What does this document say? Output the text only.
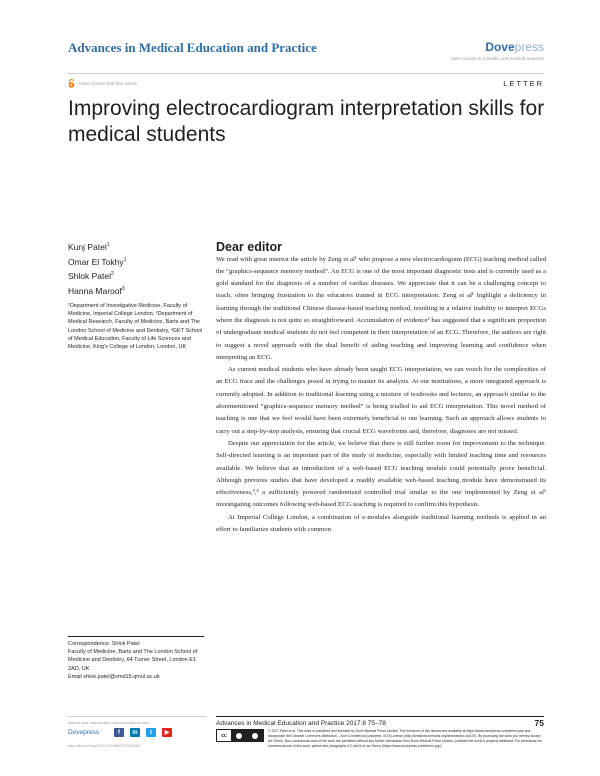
Advances in Medical Education and Practice	Dovepress
open access to scientific and medical research
Open Access Full Text Article	LETTER
Improving electrocardiogram interpretation skills for medical students
Kunj Patel$^1$
Omar El Tokhy$^1$
Shlok Patel$^2$
Hanna Maroof$^3$
¹Department of Investigative Medicine, Faculty of Medicine, Imperial College London, ²Department of Medical Research, Faculty of Medicine, Barts and The London School of Medicine and Dentistry, ³GKT School of Medical Education, Faculty of Life Sciences and Medicine, King's College of London, London, UK
Correspondence: Shlok Patel
Faculty of Medicine, Barts and The London School of Medicine and Dentistry, 64 Turner Street, London E1 2AD, UK
Email shlok.patel@smd15.qmul.ac.uk
Dear editor

We read with great interest the article by Zeng et al¹ who propose a new electrocardiogram (ECG) teaching method called the “graphics-sequence memory method”. An ECG is one of the most important diagnostic tests and is currently used as a gold standard for the diagnosis of a number of cardiac diseases. We appreciate that it can be a challenging concept to teach, often bringing frustration to the educators trained in ECG interpretation. Zeng et al¹ highlight a deficiency in learning through the traditional Chinese disease-based teaching method, resulting in a relative inability to interpret ECGs where the diagnosis is not quite so straightforward. Accumulation of evidence² has suggested that a significant proportion of undergraduate medical students do not feel competent in their interpretation of an ECG. Therefore, the authors are right to suggest a novel approach with the dual benefit of aiding teaching and improving learning and confidence when interpreting an ECG.

As current medical students who have already been taught ECG interpretation, we can vouch for the complexities of an ECG trace and the challenges posed in trying to master its analysis. At our institutions, a more integrated approach is currently adopted. In addition to traditional learning using a mixture of textbooks and lectures, an approach similar to the aforementioned “graphics-sequence memory method” is being trialled to aid ECG interpretation. This novel method of teaching is one that we feel would have been extremely beneficial to our learning. Such an approach allows students to carry out a step-by-step analysis, ensuring that crucial ECG waveforms and, therefore, diagnoses are not missed.

Despite our appreciation for the article, we believe that there is still further room for improvement to the technique. Self-directed learning is an important part of the study of medicine, especially with limited teaching time and resources available. We believe that an introduction of a web-based ECG teaching module could potentially prove beneficial. Although previous studies that have developed a readily available web-based teaching module have demonstrated its effectiveness,³,⁴ a sufficiently powered randomized controlled trial similar to the one implemented by Zeng et al¹ investigating outcomes following web-based ECG teaching is required to confirm this hypothesis.

At Imperial College London, a combination of e-modules alongside traditional learning methods is applied in an effort to familiarize students with common

submit your manuscript | www.dovepress.com
Dovepress	f	in	t	▶
http://dx.doi.org/10.2147/AMEP.S125083
Advances in Medical Education and Practice 2017:8 75–78	75
cc
© 2017 Patel et al. This work is published and licensed by Dove Medical Press Limited. The full terms of this license are available at https://www.dovepress.com/terms.php and incorporate the Creative Commons Attribution – Non Commercial (unported, v3.0) License (http://creativecommons.org/licenses/by-nc/3.0/). By accessing the work you hereby accept the Terms. Non-commercial uses of the work are permitted without any further permission from Dove Medical Press Limited, provided the work is properly attributed. For permission for commercial use of this work, please see paragraphs 4.2 and 5 of our Terms (https://www.dovepress.com/terms.php).
